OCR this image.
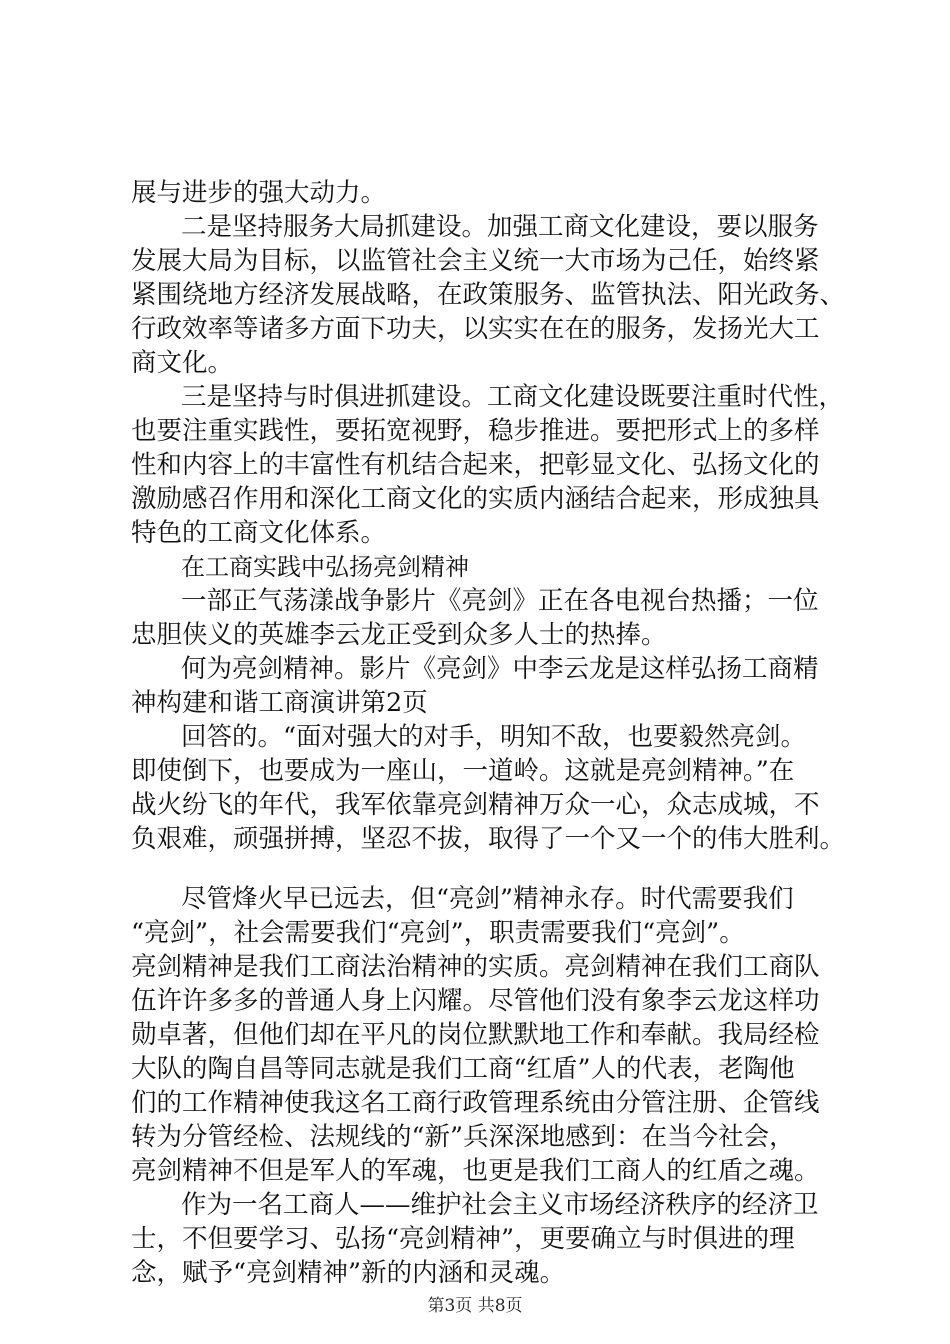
展与进步的强大动力。
二是坚持服务大局抓建设。加强工商文化建设，要以服务
发展大局为目标，以监管社会主义统一大市场为己任，始终紧
紧围绕地方经济发展战略，在政策服务、监管执法、阳光政务、
行政效率等诸多方面下功夫，以实实在在的服务，发扬光大工
商文化。
三是坚持与时俱进抓建设。工商文化建设既要注重时代性，
也要注重实践性，要拓宽视野，稳步推进。要把形式上的多样
性和内容上的丰富性有机结合起来，把彰显文化、弘扬文化的
激励感召作用和深化工商文化的实质内涵结合起来，形成独具
特色的工商文化体系。
在工商实践中弘扬亮剑精神
一部正气荡漾战争影片《亮剑》正在各电视台热播；一位
忠胆侠义的英雄李云龙正受到众多人士的热捧。
何为亮剑精神。影片《亮剑》中李云龙是这样弘扬工商精
神构建和谐工商演讲第2页
回答的。“面对强大的对手，明知不敌，也要毅然亮剑。
即使倒下，也要成为一座山，一道岭。这就是亮剑精神。”在
战火纷飞的年代，我军依靠亮剑精神万众一心，众志成城，不
负艰难，顽强拼搏，坚忍不拔，取得了一个又一个的伟大胜利。
尽管烽火早已远去，但“亮剑”精神永存。时代需要我们
“亮剑”，社会需要我们“亮剑”，职责需要我们“亮剑”。
亮剑精神是我们工商法治精神的实质。亮剑精神在我们工商队
伍许许多多的普通人身上闪耀。尽管他们没有象李云龙这样功
勋卓著，但他们却在平凡的岗位默默地工作和奉献。我局经检
大队的陶自昌等同志就是我们工商“红盾”人的代表，老陶他
们的工作精神使我这名工商行政管理系统由分管注册、企管线
转为分管经检、法规线的“新”兵深深地感到：在当今社会，
亮剑精神不但是军人的军魂，也更是我们工商人的红盾之魂。
作为一名工商人——维护社会主义市场经济秩序的经济卫
士，不但要学习、弘扬“亮剑精神”，更要确立与时俱进的理
念，赋予“亮剑精神”新的内涵和灵魂。
第3页 共8页
